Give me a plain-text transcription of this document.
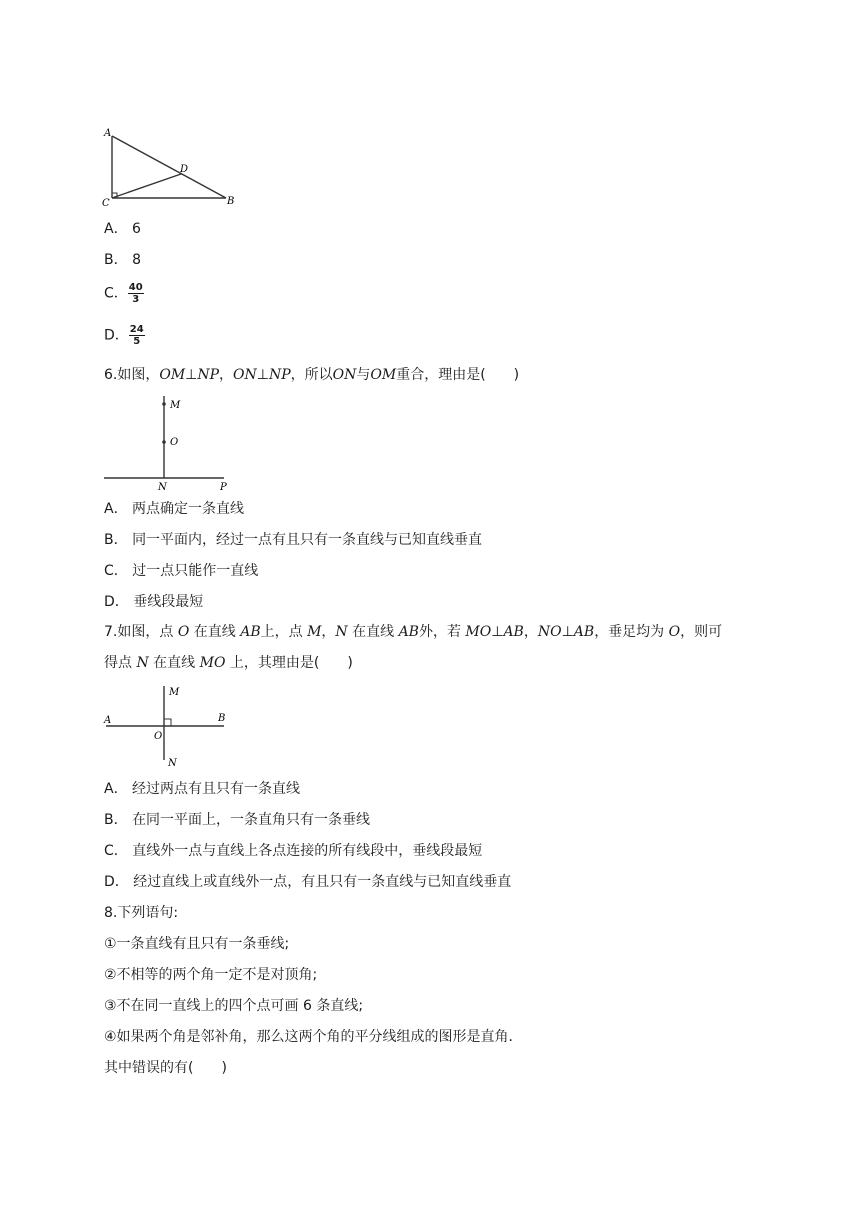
A
C	B
D
A． 6
B． 8
C． $\frac{40}{3}$
D． $\frac{24}{5}$
6.如图，OM⊥NP，ON⊥NP，所以ON与OM重合，理由是(　　)
M
O
N	P
A． 两点确定一条直线
B． 同一平面内，经过一点有且只有一条直线与已知直线垂直
C． 过一点只能作一直线
D． 垂线段最短
7.如图，点 O 在直线 AB上，点 M，N 在直线 AB外，若 MO⊥AB，NO⊥AB，垂足均为 O，则可
得点 N 在直线 MO 上，其理由是(　　)
M
A	B
O
N
A． 经过两点有且只有一条直线
B． 在同一平面上，一条直角只有一条垂线
C． 直线外一点与直线上各点连接的所有线段中，垂线段最短
D． 经过直线上或直线外一点，有且只有一条直线与已知直线垂直
8.下列语句:
①一条直线有且只有一条垂线;
②不相等的两个角一定不是对顶角;
③不在同一直线上的四个点可画 6 条直线;
④如果两个角是邻补角，那么这两个角的平分线组成的图形是直角．
其中错误的有(　　)
